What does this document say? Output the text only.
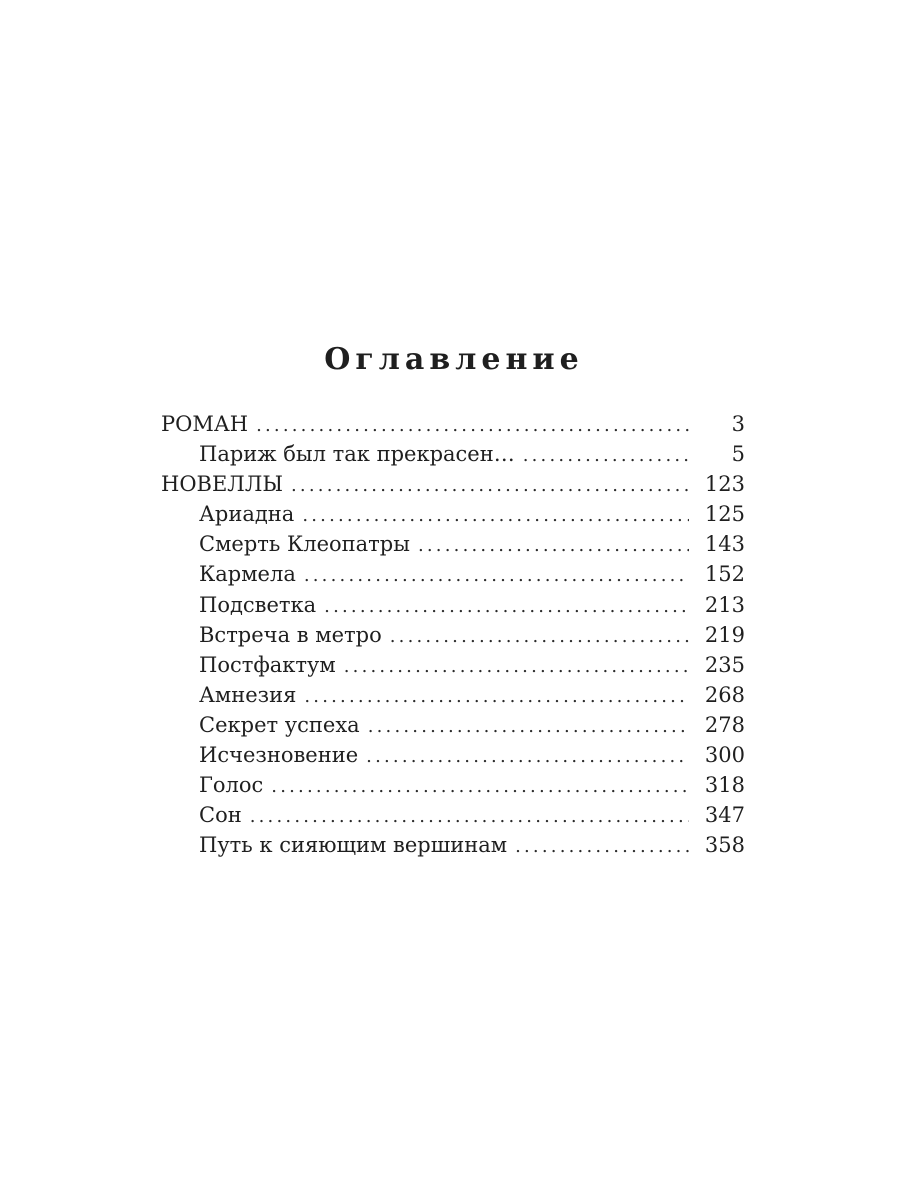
Оглавление
РОМАН .....	3
Париж был так прекрасен… .....	5
НОВЕЛЛЫ .....	123
Ариадна .....	125
Смерть Клеопатры .....	143
Кармела .....	152
Подсветка .....	213
Встреча в метро .....	219
Постфактум .....	235
Амнезия .....	268
Секрет успеха .....	278
Исчезновение .....	300
Голос .....	318
Сон .....	347
Путь к сияющим вершинам .....	358
